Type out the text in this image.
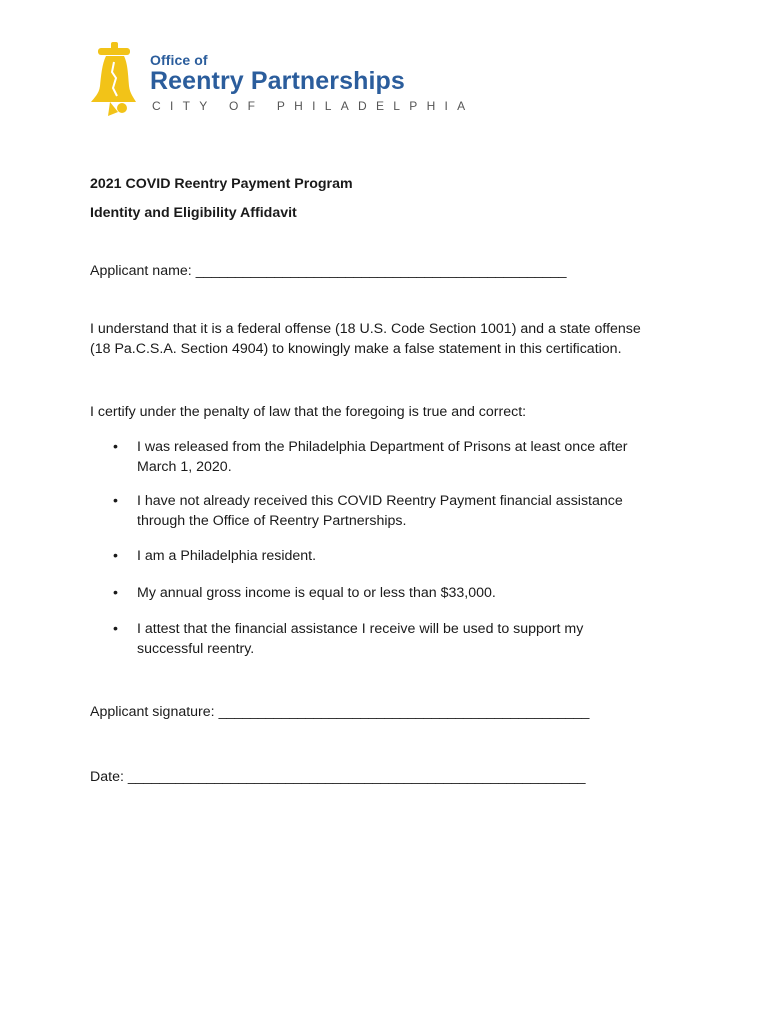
Office of
Reentry Partnerships
CITY OF PHILADELPHIA
2021 COVID Reentry Payment Program
Identity and Eligibility Affidavit
Applicant name: _______________________________________________
I understand that it is a federal offense (18 U.S. Code Section 1001) and a state offense
(18 Pa.C.S.A. Section 4904) to knowingly make a false statement in this certification.
I certify under the penalty of law that the foregoing is true and correct:
•	I was released from the Philadelphia Department of Prisons at least once after
March 1, 2020.
•	I have not already received this COVID Reentry Payment financial assistance
through the Office of Reentry Partnerships.
•	I am a Philadelphia resident.
•	My annual gross income is equal to or less than $33,000.
•	I attest that the financial assistance I receive will be used to support my
successful reentry.
Applicant signature: _______________________________________________
Date: __________________________________________________________
